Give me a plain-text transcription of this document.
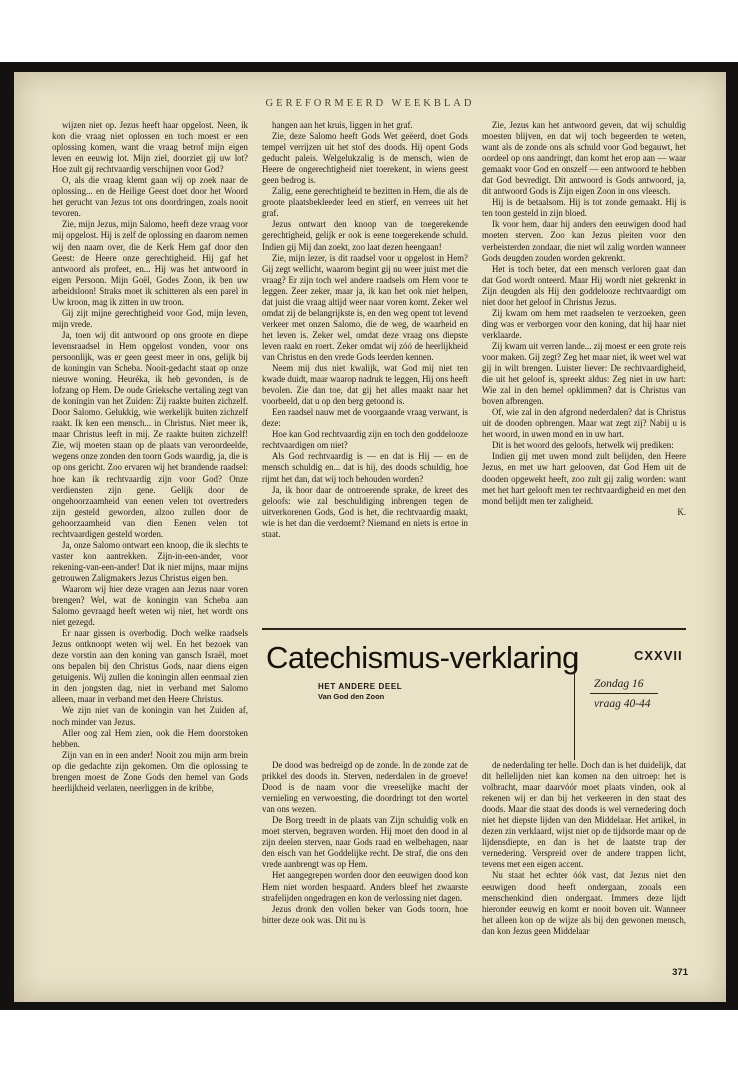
GEREFORMEERD WEEKBLAD

wijzen niet op. Jezus heeft haar opgelost. Neen, ik kon die vraag niet oplossen en toch moest er een oplossing komen, want die vraag betrof mijn eigen leven en eeuwig lot. Mijn ziel, doorziet gij uw lot? Hoe zult gij rechtvaardig verschijnen voor God?

O, als die vraag klemt gaan wij op zoek naar de oplossing... en de Heilige Geest doet door het Woord het gerucht van Jezus tot ons doordringen, zoals nooit tevoren.

Zie, mijn Jezus, mijn Salomo, heeft deze vraag voor mij opgelost. Hij is zelf de oplossing en daarom nemen wij den naam over, die de Kerk Hem gaf door den Geest: de Heere onze gerechtigheid. Hij gaf het antwoord als profeet, en... Hij was het antwoord in eigen Persoon. Mijn Goël, Godes Zoon, ik ben uw arbeidsloon! Straks moet ik schitteren als een parel in Uw kroon, mag ik zitten in uw troon.

Gij zijt mijne gerechtigheid voor God, mijn leven, mijn vrede.

Ja, toen wij dit antwoord op ons groote en diepe levensraadsel in Hem opgelost vonden, voor ons persoonlijk, was er geen geest meer in ons, gelijk bij de koningin van Scheba. Nooit-gedacht staat op onze nieuwe woning. Heuréka, ik heb gevonden, is de lofzang op Hem. De oude Grieksche vertaling zegt van de koningin van het Zuiden: Zij raakte buiten zichzelf. Door Salomo. Gelukkig, wie werkelijk buiten zichzelf raakt. Ik ken een mensch... in Christus. Niet meer ik, maar Christus leeft in mij. Ze raakte buiten zichzelf! Zie, wij moeten staan op de plaats van veroordeelde, wegens onze zonden den toorn Gods waardig, ja, die is op ons gericht. Zoo ervaren wij het brandende raadsel: hoe kan ik rechtvaardig zijn voor God? Onze verdiensten zijn gene. Gelijk door de ongehoorzaamheid van eenen velen tot overtreders zijn gesteld geworden, alzoo zullen door de gehoorzaamheid van dien Eenen velen tot rechtvaardigen gesteld worden.

Ja, onze Salomo ontwart een knoop, die ik slechts te vaster kon aantrekken. Zijn-in-een-ander, voor rekening-van-een-ander! Dat ik niet mijns, maar mijns getrouwen Zaligmakers Jezus Christus eigen ben.

Waarom wij hier deze vragen aan Jezus naar voren brengen? Wel, wat de koningin van Scheba aan Salomo gevraagd heeft weten wij niet, het wordt ons niet gezegd.

Er naar gissen is overbodig. Doch welke raadsels Jezus ontknoopt weten wij wel. En het bezoek van deze vorstin aan den koning van gansch Israël, moet ons bepalen bij den Christus Gods, naar diens eigen getuigenis. Wij zullen die koningin allen eenmaal zien in den jongsten dag, niet in verband met Salomo alleen, maar in verband met den Heere Christus.

We zijn niet van de koningin van het Zuiden af, noch minder van Jezus.

Aller oog zal Hem zien, ook die Hem doorstoken hebben.

Zijn van en in een ander! Nooit zou mijn arm brein op die gedachte zijn gekomen. Om die oplossing te brengen moest de Zone Gods den hemel van Gods heerlijkheid verlaten, neerliggen in de kribbe,

hangen aan het kruis, liggen in het graf.

Zie, deze Salomo heeft Gods Wet geëerd, doet Gods tempel verrijzen uit het stof des doods. Hij opent Gods geducht paleis. Welgelukzalig is de mensch, wien de Heere de ongerechtigheid niet toerekent, in wiens geest geen bedrog is.

Zalig, eene gerechtigheid te bezitten in Hem, die als de groote plaatsbekleeder leed en stierf, en verrees uit het graf.

Jezus ontwart den knoop van de toegerekende gerechtigheid, gelijk er ook is eene toegerekende schuld. Indien gij Mij dan zoekt, zoo laat dezen heengaan!

Zie, mijn lezer, is dit raadsel voor u opgelost in Hem? Gij zegt wellicht, waarom begint gij nu weer juist met die vraag? Er zijn toch wel andere raadsels om Hem voor te leggen. Zeer zeker, maar ja, ik kan het ook niet helpen, dat juist die vraag altijd weer naar voren komt. Zeker wel omdat zij de belangrijkste is, en den weg opent tot levend verkeer met onzen Salomo, die de weg, de waarheid en het leven is. Zeker wel, omdat deze vraag ons diepste leven raakt en roert. Zeker omdat wij zóó de heerlijkheid van Christus en den vrede Gods leerden kennen.

Neem mij dus niet kwalijk, wat God mij niet ten kwade duidt, maar waarop nadruk te leggen, Hij ons heeft bevolen. Zie dan toe, dat gij het alles maakt naar het voorbeeld, dat u op den berg getoond is.

Een raadsel nauw met de voorgaande vraag verwant, is deze:

Hoe kan God rechtvaardig zijn en toch den goddelooze rechtvaardigen om niet?

Als God rechtvaardig is — en dat is Hij — en de mensch schuldig en... dat is hij, des doods schuldig, hoe rijmt het dan, dat wij toch behouden worden?

Ja, ik hoor daar de ontroerende sprake, de kreet des geloofs: wie zal beschuldiging inbrengen tegen de uitverkorenen Gods, God is het, die rechtvaardig maakt, wie is het dan die verdoemt? Niemand en niets is ertoe in staat.

Zie, Jezus kan het antwoord geven, dat wij schuldig moesten blijven, en dat wij toch begeerden te weten, want als de zonde ons als schuld voor God begauwt, het oordeel op ons aandringt, dan komt het erop aan — waar gemaakt voor God en onszelf — een antwoord te hebben dat God bevredigt. Dit antwoord is Gods antwoord, ja, dit antwoord Gods is Zijn eigen Zoon in ons vleesch.

Hij is de betaalsom. Hij is tot zonde gemaakt. Hij is ten toon gesteld in zijn bloed.

Ik voor hem, daar hij anders den eeuwigen dood had moeten sterven. Zoo kan Jezus pleiten voor den verbeisterden zondaar, die niet wil zalig worden wanneer Gods deugden zouden worden gekrenkt.

Het is toch beter, dat een mensch verloren gaat dan dat God wordt onteerd. Maar Hij wordt niet gekrenkt in Zijn deugden als Hij den goddelooze rechtvaardigt om niet door het geloof in Christus Jezus.

Zij kwam om hem met raadselen te verzoeken, geen ding was er verborgen voor den koning, dat hij haar niet verklaarde.

Zij kwam uit verren lande... zij moest er een grote reis voor maken. Gij zegt? Zeg het maar niet, ik weet wel wat gij in wilt brengen. Luister liever: De rechtvaardigheid, die uit het geloof is, spreekt aldus: Zeg niet in uw hart: Wie zal in den hemel opklimmen? dat is Christus van boven afbrengen.

Of, wie zal in den afgrond nederdalen? dat is Christus uit de dooden opbrengen. Maar wat zegt zij? Nabij u is het woord, in uwen mond en in uw hart.

Dit is het woord des geloofs, hetwelk wij prediken:

Indien gij met uwen mond zult belijden, den Heere Jezus, en met uw hart gelooven, dat God Hem uit de dooden opgewekt heeft, zoo zult gij zalig worden: want met het hart gelooft men ter rechtvaardigheid en met den mond belijdt men ter zaligheid.

K.

Catechismus-verklaring
HET ANDERE DEEL
Van God den Zoon
CXXVII
Zondag 16
vraag 40-44

De dood was bedreigd op de zonde. In de zonde zat de prikkel des doods in. Sterven, nederdalen in de groeve! Dood is de naam voor die vreeselijke macht der vernieling en verwoesting, die doordringt tot den wortel van ons wezen.

De Borg treedt in de plaats van Zijn schuldig volk en moet sterven, begraven worden. Hij moet den dood in al zijn deelen sterven, naar Gods raad en welbehagen, naar den eisch van het Goddelijke recht. De straf, die ons den vrede aanbrengt was op Hem.

Het aangegrepen worden door den eeuwigen dood kon Hem niet worden bespaard. Anders bleef het zwaarste strafelijden ongedragen en kon de verlossing niet dagen.

Jezus dronk den vollen beker van Gods toorn, hoe bitter deze ook was. Dit nu is

de nederdaling ter helle. Doch dan is het duidelijk, dat dit hellelijden niet kan komen na den uitroep: het is volbracht, maar daarvóór moet plaats vinden, ook al rekenen wij er dan bij het verkeeren in den staat des doods. Maar die staat des doods is wel vernedering doch niet het diepste lijden van den Middelaar. Het artikel, in dezen zin verklaard, wijst niet op de tijdsorde maar op de lijdensdiepte, en dan is het de laatste trap der vernedering. Verspreid over de andere trappen licht, tevens met een eigen accent.

Nu staat het echter óók vast, dat Jezus niet den eeuwigen dood heeft ondergaan, zooals een menschenkind dien ondergaat. Immers deze lijdt hieronder eeuwig en komt er nooit boven uit. Wanneer het alleen kon op de wijze als bij den gewonen mensch, dan kon Jezus geen Middelaar

371
